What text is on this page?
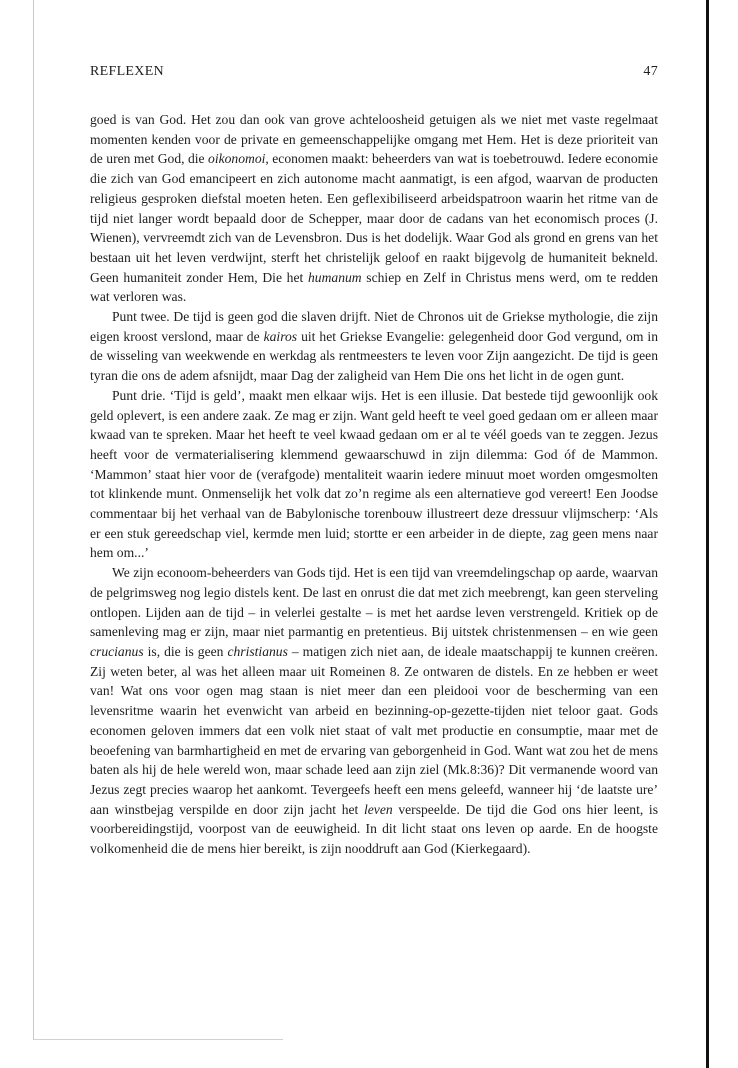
REFLEXEN	47

goed is van God. Het zou dan ook van grove achteloosheid getuigen als we niet met vaste regelmaat momenten kenden voor de private en gemeenschappelijke omgang met Hem. Het is deze prioriteit van de uren met God, die oikonomoi, economen maakt: beheerders van wat is toebetrouwd. Iedere economie die zich van God emancipeert en zich autonome macht aanmatigt, is een afgod, waarvan de producten religieus gesproken diefstal moeten heten. Een geflexibiliseerd arbeidspatroon waarin het ritme van de tijd niet langer wordt bepaald door de Schepper, maar door de cadans van het economisch proces (J. Wienen), vervreemdt zich van de Levensbron. Dus is het dodelijk. Waar God als grond en grens van het bestaan uit het leven verdwijnt, sterft het christelijk geloof en raakt bijgevolg de humaniteit bekneld. Geen humaniteit zonder Hem, Die het humanum schiep en Zelf in Christus mens werd, om te redden wat verloren was.

Punt twee. De tijd is geen god die slaven drijft. Niet de Chronos uit de Griekse mythologie, die zijn eigen kroost verslond, maar de kairos uit het Griekse Evangelie: gelegenheid door God vergund, om in de wisseling van weekwende en werkdag als rentmeesters te leven voor Zijn aangezicht. De tijd is geen tyran die ons de adem afsnijdt, maar Dag der zaligheid van Hem Die ons het licht in de ogen gunt.

Punt drie. ‘Tijd is geld’, maakt men elkaar wijs. Het is een illusie. Dat bestede tijd gewoonlijk ook geld oplevert, is een andere zaak. Ze mag er zijn. Want geld heeft te veel goed gedaan om er alleen maar kwaad van te spreken. Maar het heeft te veel kwaad gedaan om er al te véél goeds van te zeggen. Jezus heeft voor de vermaterialisering klemmend gewaarschuwd in zijn dilemma: God óf de Mammon. ‘Mammon’ staat hier voor de (verafgode) mentaliteit waarin iedere minuut moet worden omgesmolten tot klinkende munt. Onmenselijk het volk dat zo’n regime als een alternatieve god vereert! Een Joodse commentaar bij het verhaal van de Babylonische torenbouw illustreert deze dressuur vlijmscherp: ‘Als er een stuk gereedschap viel, kermde men luid; stortte er een arbeider in de diepte, zag geen mens naar hem om...’

We zijn econoom-beheerders van Gods tijd. Het is een tijd van vreemdelingschap op aarde, waarvan de pelgrimsweg nog legio distels kent. De last en onrust die dat met zich meebrengt, kan geen sterveling ontlopen. Lijden aan de tijd – in velerlei gestalte – is met het aardse leven verstrengeld. Kritiek op de samenleving mag er zijn, maar niet parmantig en pretentieus. Bij uitstek christenmensen – en wie geen crucianus is, die is geen christianus – matigen zich niet aan, de ideale maatschappij te kunnen creëren. Zij weten beter, al was het alleen maar uit Romeinen 8. Ze ontwaren de distels. En ze hebben er weet van! Wat ons voor ogen mag staan is niet meer dan een pleidooi voor de bescherming van een levensritme waarin het evenwicht van arbeid en bezinning-op-gezette-tijden niet teloor gaat. Gods economen geloven immers dat een volk niet staat of valt met productie en consumptie, maar met de beoefening van barmhartigheid en met de ervaring van geborgenheid in God. Want wat zou het de mens baten als hij de hele wereld won, maar schade leed aan zijn ziel (Mk.8:36)? Dit vermanende woord van Jezus zegt precies waarop het aankomt. Tevergeefs heeft een mens geleefd, wanneer hij ‘de laatste ure’ aan winstbejag verspilde en door zijn jacht het leven verspeelde. De tijd die God ons hier leent, is voorbereidingstijd, voorpost van de eeuwigheid. In dit licht staat ons leven op aarde. En de hoogste volkomenheid die de mens hier bereikt, is zijn nooddruft aan God (Kierkegaard).
